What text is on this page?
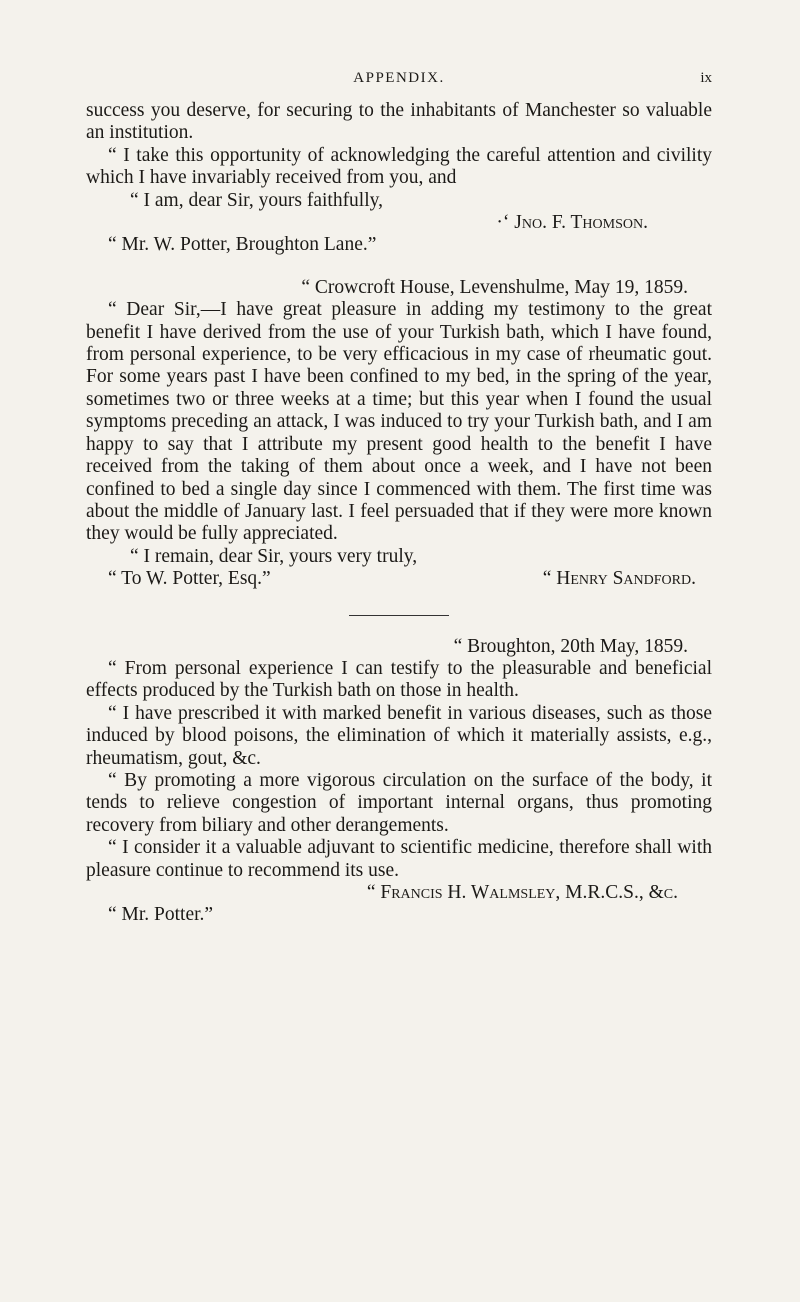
APPENDIX.	ix

success you deserve, for securing to the inhabitants of Manchester so valuable an institution.

“ I take this opportunity of acknowledging the careful attention and civility which I have invariably received from you, and

“ I am, dear Sir, yours faithfully,

·‘ Jno. F. Thomson.

“ Mr. W. Potter, Broughton Lane.”

“ Crowcroft House, Levenshulme, May 19, 1859.

“ Dear Sir,—I have great pleasure in adding my testimony to the great benefit I have derived from the use of your Turkish bath, which I have found, from personal experience, to be very efficacious in my case of rheumatic gout. For some years past I have been confined to my bed, in the spring of the year, sometimes two or three weeks at a time; but this year when I found the usual symptoms preceding an attack, I was induced to try your Turkish bath, and I am happy to say that I attribute my present good health to the benefit I have received from the taking of them about once a week, and I have not been confined to bed a single day since I commenced with them. The first time was about the middle of January last. I feel persuaded that if they were more known they would be fully appreciated.

“ I remain, dear Sir, yours very truly,

“ To W. Potter, Esq.”	“ Henry Sandford.

“ Broughton, 20th May, 1859.

“ From personal experience I can testify to the pleasurable and beneficial effects produced by the Turkish bath on those in health.

“ I have prescribed it with marked benefit in various diseases, such as those induced by blood poisons, the elimination of which it materially assists, e.g., rheumatism, gout, &c.

“ By promoting a more vigorous circulation on the surface of the body, it tends to relieve congestion of important internal organs, thus promoting recovery from biliary and other derangements.

“ I consider it a valuable adjuvant to scientific medicine, therefore shall with pleasure continue to recommend its use.

“ Francis H. Walmsley, M.R.C.S., &c.

“ Mr. Potter.”
